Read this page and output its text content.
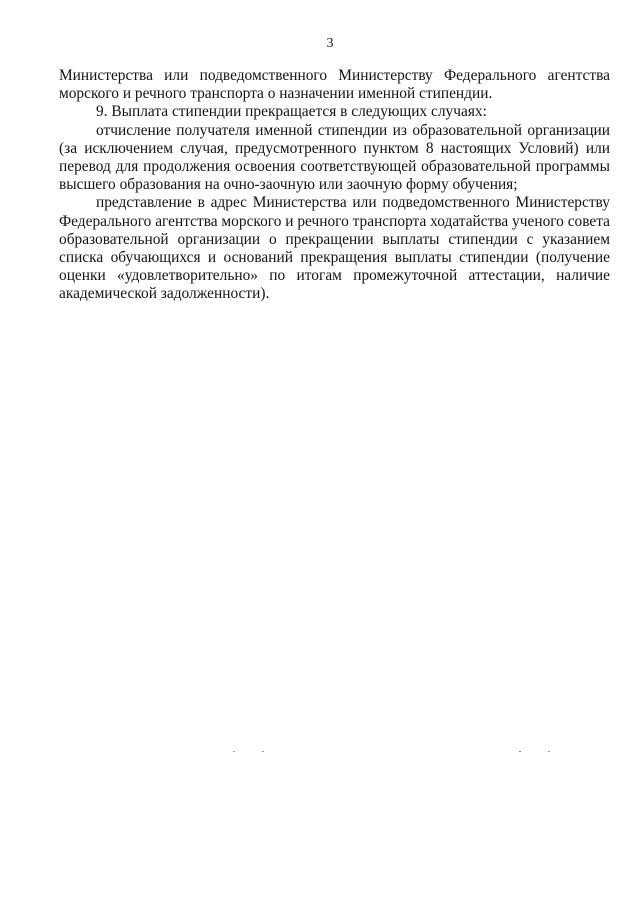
3

Министерства или подведомственного Министерству Федерального агентства морского и речного транспорта о назначении именной стипендии.

9. Выплата стипендии прекращается в следующих случаях:

отчисление получателя именной стипендии из образовательной организации (за исключением случая, предусмотренного пунктом 8 настоящих Условий) или перевод для продолжения освоения соответствующей образовательной программы высшего образования на очно-заочную или заочную форму обучения;

представление в адрес Министерства или подведомственного Министерству Федерального агентства морского и речного транспорта ходатайства ученого совета образовательной организации о прекращении выплаты стипендии с указанием списка обучающихся и оснований прекращения выплаты стипендии (получение оценки «удовлетворительно» по итогам промежуточной аттестации, наличие академической задолженности).
